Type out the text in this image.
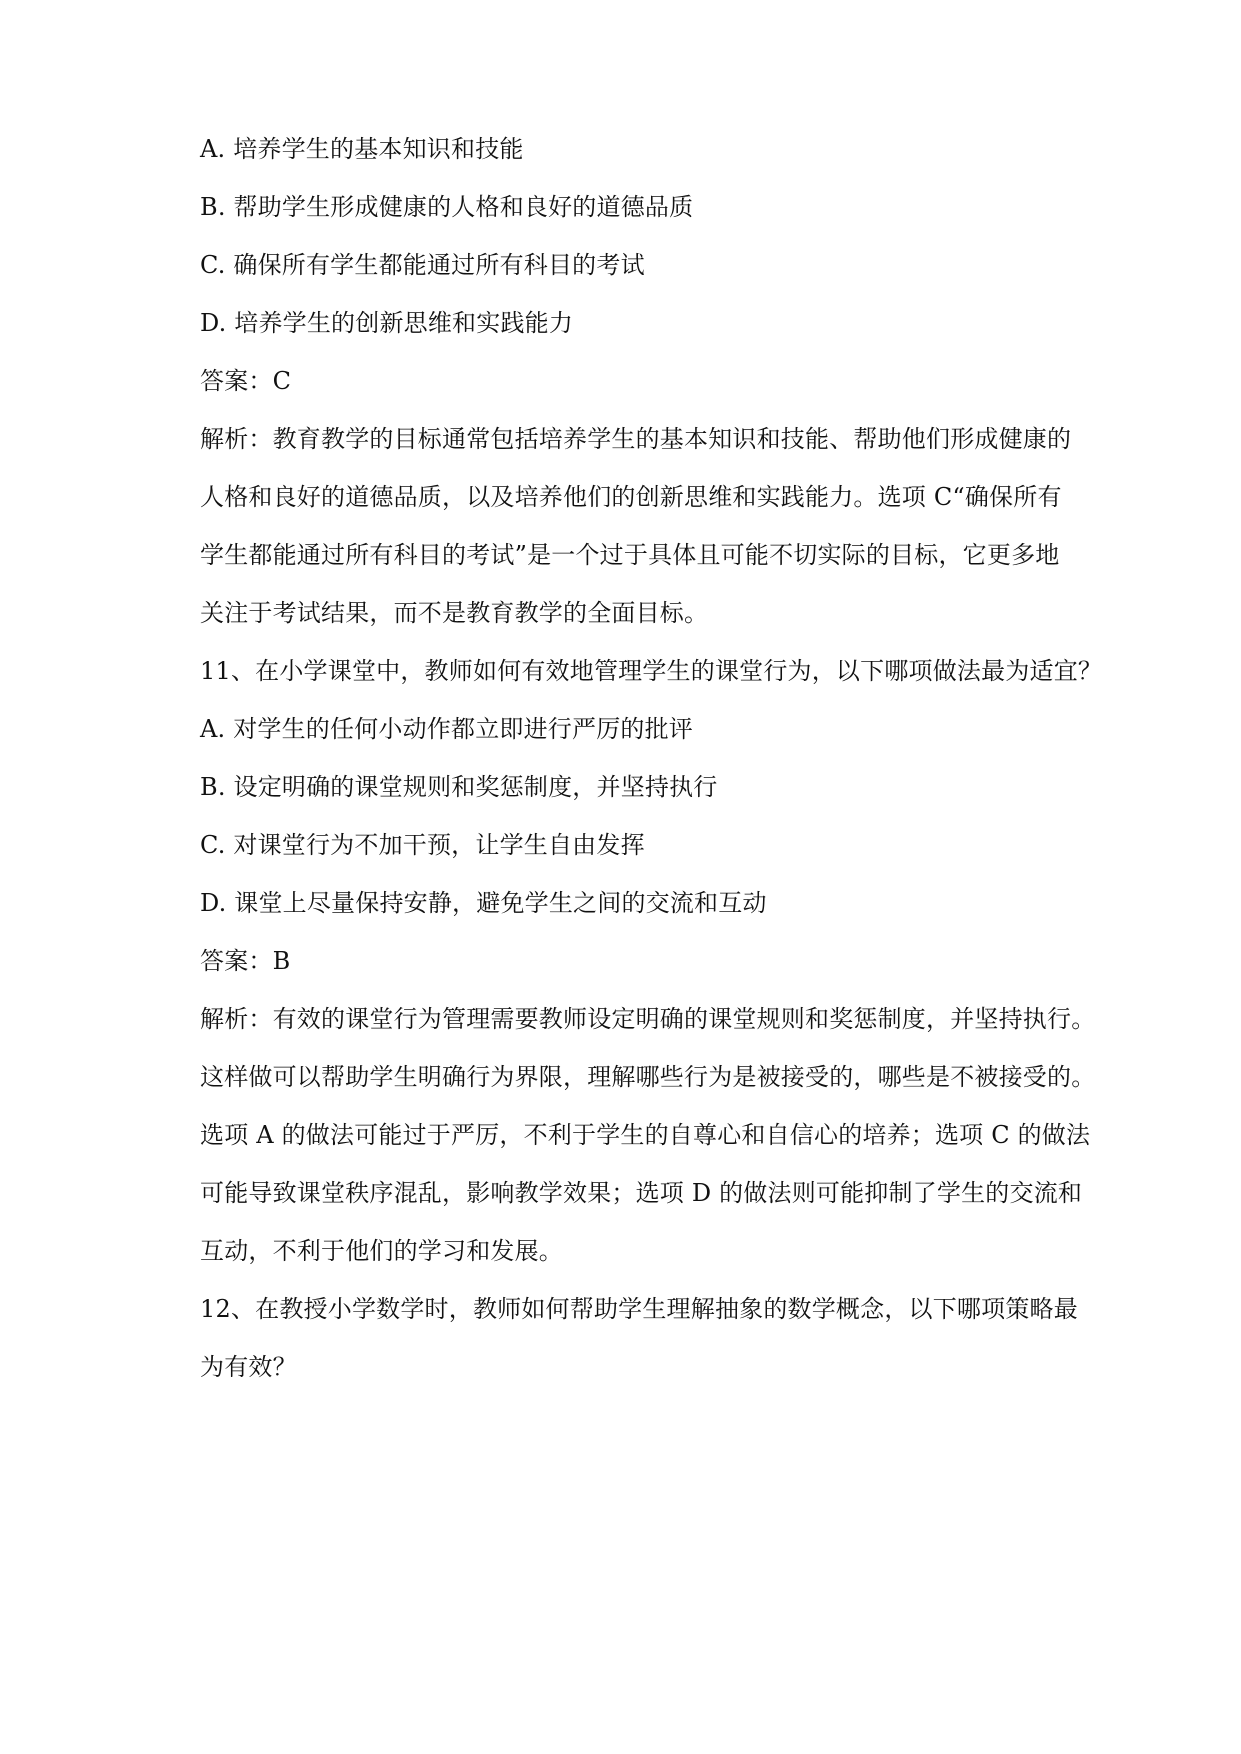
A. 培养学生的基本知识和技能
B. 帮助学生形成健康的人格和良好的道德品质
C. 确保所有学生都能通过所有科目的考试
D. 培养学生的创新思维和实践能力
答案：C
解析：教育教学的目标通常包括培养学生的基本知识和技能、帮助他们形成健康的
人格和良好的道德品质，以及培养他们的创新思维和实践能力。选项 C“确保所有
学生都能通过所有科目的考试”是一个过于具体且可能不切实际的目标，它更多地
关注于考试结果，而不是教育教学的全面目标。
11、在小学课堂中，教师如何有效地管理学生的课堂行为，以下哪项做法最为适宜？
A. 对学生的任何小动作都立即进行严厉的批评
B. 设定明确的课堂规则和奖惩制度，并坚持执行
C. 对课堂行为不加干预，让学生自由发挥
D. 课堂上尽量保持安静，避免学生之间的交流和互动
答案：B
解析：有效的课堂行为管理需要教师设定明确的课堂规则和奖惩制度，并坚持执行。
这样做可以帮助学生明确行为界限，理解哪些行为是被接受的，哪些是不被接受的。
选项 A 的做法可能过于严厉，不利于学生的自尊心和自信心的培养；选项 C 的做法
可能导致课堂秩序混乱，影响教学效果；选项 D 的做法则可能抑制了学生的交流和
互动，不利于他们的学习和发展。
12、在教授小学数学时，教师如何帮助学生理解抽象的数学概念，以下哪项策略最
为有效？
